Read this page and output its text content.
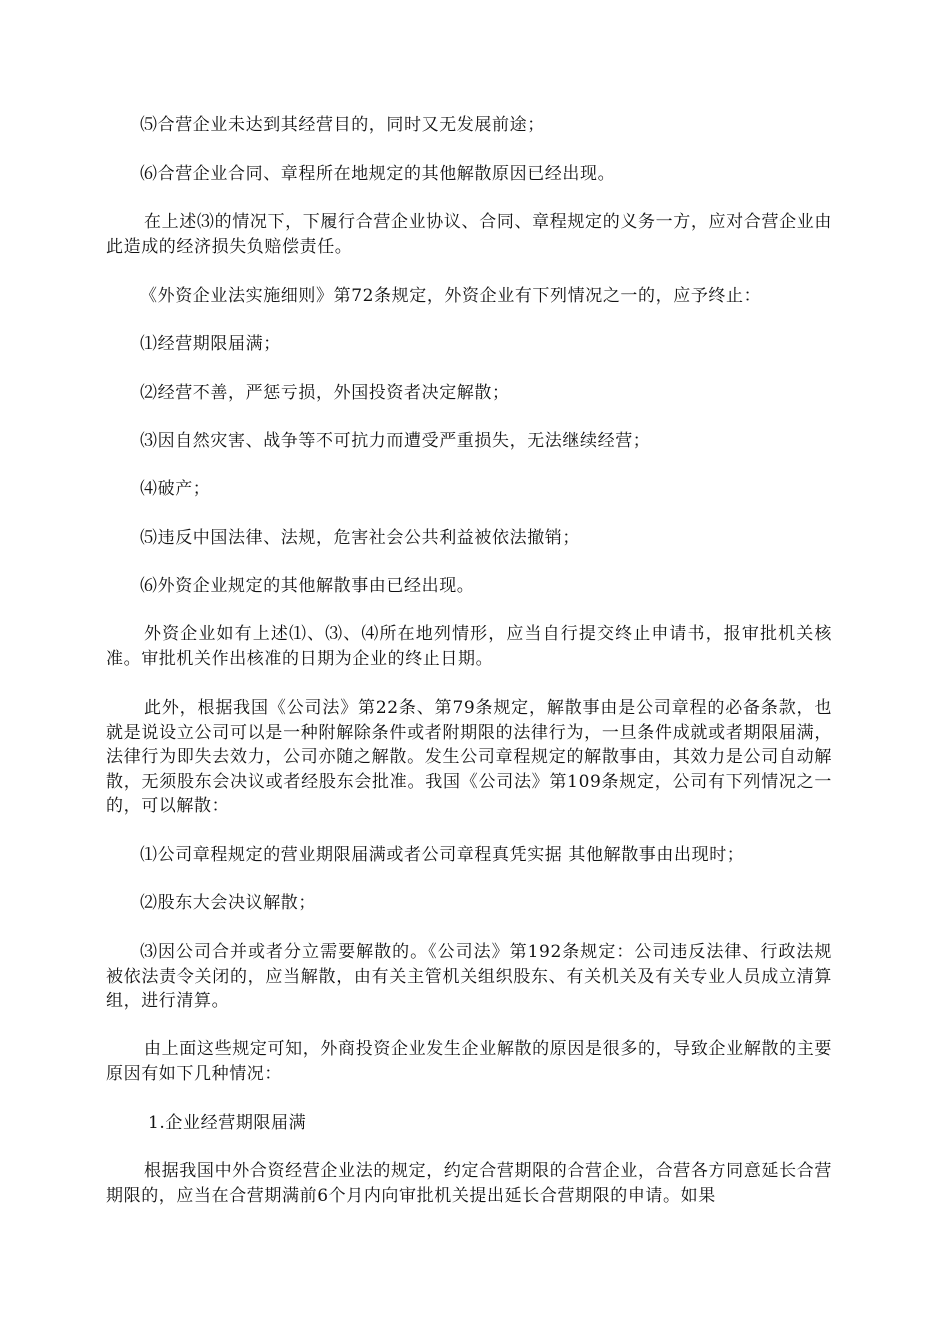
⑸合营企业未达到其经营目的，同时又无发展前途；

⑹合营企业合同、章程所在地规定的其他解散原因已经出现。

在上述⑶的情况下，下履行合营企业协议、合同、章程规定的义务一方，应对合营企业由此造成的经济损失负赔偿责任。

《外资企业法实施细则》第72条规定，外资企业有下列情况之一的，应予终止：

⑴经营期限届满；

⑵经营不善，严惩亏损，外国投资者决定解散；

⑶因自然灾害、战争等不可抗力而遭受严重损失，无法继续经营；

⑷破产；

⑸违反中国法律、法规，危害社会公共利益被依法撤销；

⑹外资企业规定的其他解散事由已经出现。

外资企业如有上述⑴、⑶、⑷所在地列情形，应当自行提交终止申请书，报审批机关核准。审批机关作出核准的日期为企业的终止日期。

此外，根据我国《公司法》第22条、第79条规定，解散事由是公司章程的必备条款，也就是说设立公司可以是一种附解除条件或者附期限的法律行为，一旦条件成就或者期限届满，法律行为即失去效力，公司亦随之解散。发生公司章程规定的解散事由，其效力是公司自动解散，无须股东会决议或者经股东会批准。我国《公司法》第109条规定，公司有下列情况之一的，可以解散：

⑴公司章程规定的营业期限届满或者公司章程真凭实据 其他解散事由出现时；

⑵股东大会决议解散；

⑶因公司合并或者分立需要解散的。《公司法》第192条规定：公司违反法律、行政法规被依法责令关闭的，应当解散，由有关主管机关组织股东、有关机关及有关专业人员成立清算组，进行清算。

由上面这些规定可知，外商投资企业发生企业解散的原因是很多的，导致企业解散的主要原因有如下几种情况：

1.企业经营期限届满

根据我国中外合资经营企业法的规定，约定合营期限的合营企业，合营各方同意延长合营期限的，应当在合营期满前6个月内向审批机关提出延长合营期限的申请。如果
